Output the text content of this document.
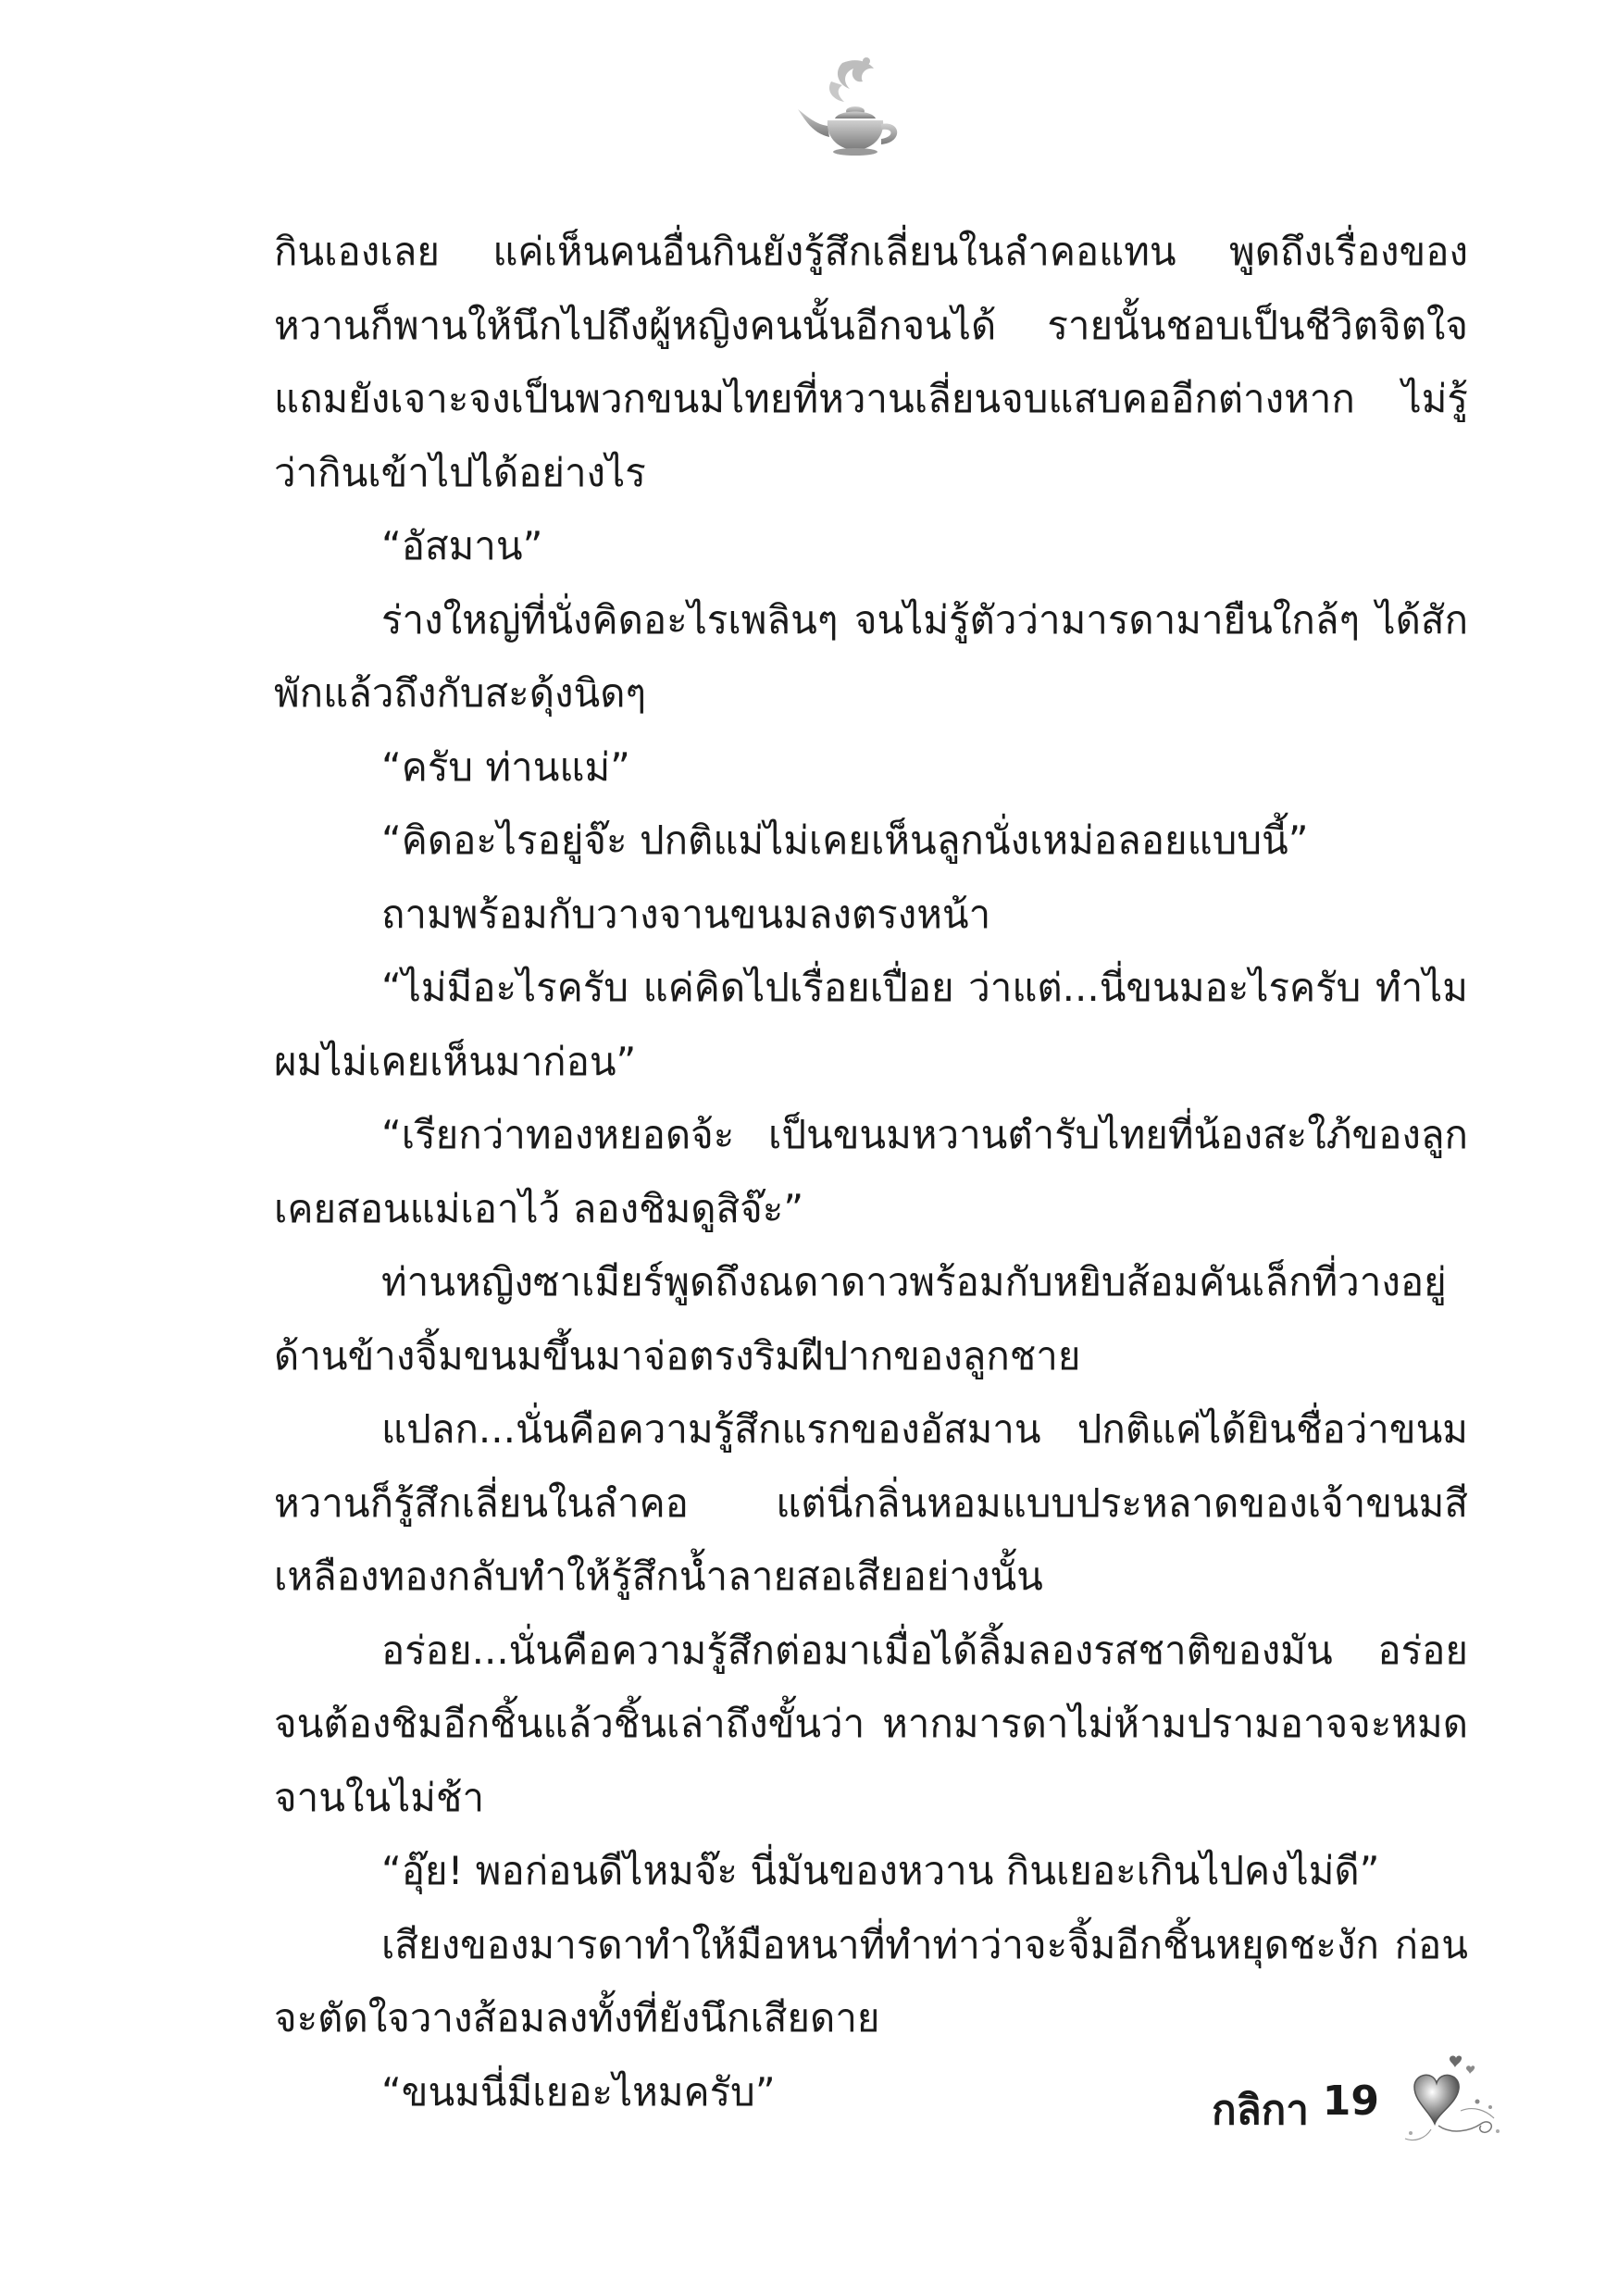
กินเองเลย แค่เห็นคนอื่นกินยังรู้สึกเลี่ยนในลำคอแทน พูดถึงเรื่องของหวานก็พานให้นึกไปถึงผู้หญิงคนนั้นอีกจนได้ รายนั้นชอบเป็นชีวิตจิตใจ แถมยังเจาะจงเป็นพวกขนมไทยที่หวานเลี่ยนจบแสบคออีกต่างหาก ไม่รู้ว่ากินเข้าไปได้อย่างไร

“อัสมาน”

ร่างใหญ่ที่นั่งคิดอะไรเพลินๆ จนไม่รู้ตัวว่ามารดามายืนใกล้ๆ ได้สักพักแล้วถึงกับสะดุ้งนิดๆ

“ครับ ท่านแม่”

“คิดอะไรอยู่จ๊ะ ปกติแม่ไม่เคยเห็นลูกนั่งเหม่อลอยแบบนี้”

ถามพร้อมกับวางจานขนมลงตรงหน้า

“ไม่มีอะไรครับ แค่คิดไปเรื่อยเปื่อย ว่าแต่...นี่ขนมอะไรครับ ทำไมผมไม่เคยเห็นมาก่อน”

“เรียกว่าทองหยอดจ้ะ เป็นขนมหวานตำรับไทยที่น้องสะใภ้ของลูกเคยสอนแม่เอาไว้ ลองชิมดูสิจ๊ะ”

ท่านหญิงซาเมียร์พูดถึงณดาดาวพร้อมกับหยิบส้อมคันเล็กที่วางอยู่ด้านข้างจิ้มขนมขึ้นมาจ่อตรงริมฝีปากของลูกชาย

แปลก...นั่นคือความรู้สึกแรกของอัสมาน ปกติแค่ได้ยินชื่อว่าขนมหวานก็รู้สึกเลี่ยนในลำคอ แต่นี่กลิ่นหอมแบบประหลาดของเจ้าขนมสีเหลืองทองกลับทำให้รู้สึกน้ำลายสอเสียอย่างนั้น

อร่อย...นั่นคือความรู้สึกต่อมาเมื่อได้ลิ้มลองรสชาติของมัน อร่อยจนต้องชิมอีกชิ้นแล้วชิ้นเล่าถึงขั้นว่า หากมารดาไม่ห้ามปรามอาจจะหมดจานในไม่ช้า

“อุ๊ย! พอก่อนดีไหมจ๊ะ นี่มันของหวาน กินเยอะเกินไปคงไม่ดี”

เสียงของมารดาทำให้มือหนาที่ทำท่าว่าจะจิ้มอีกชิ้นหยุดชะงัก ก่อนจะตัดใจวางส้อมลงทั้งที่ยังนึกเสียดาย

“ขนมนี่มีเยอะไหมครับ”	กลิกา 19
